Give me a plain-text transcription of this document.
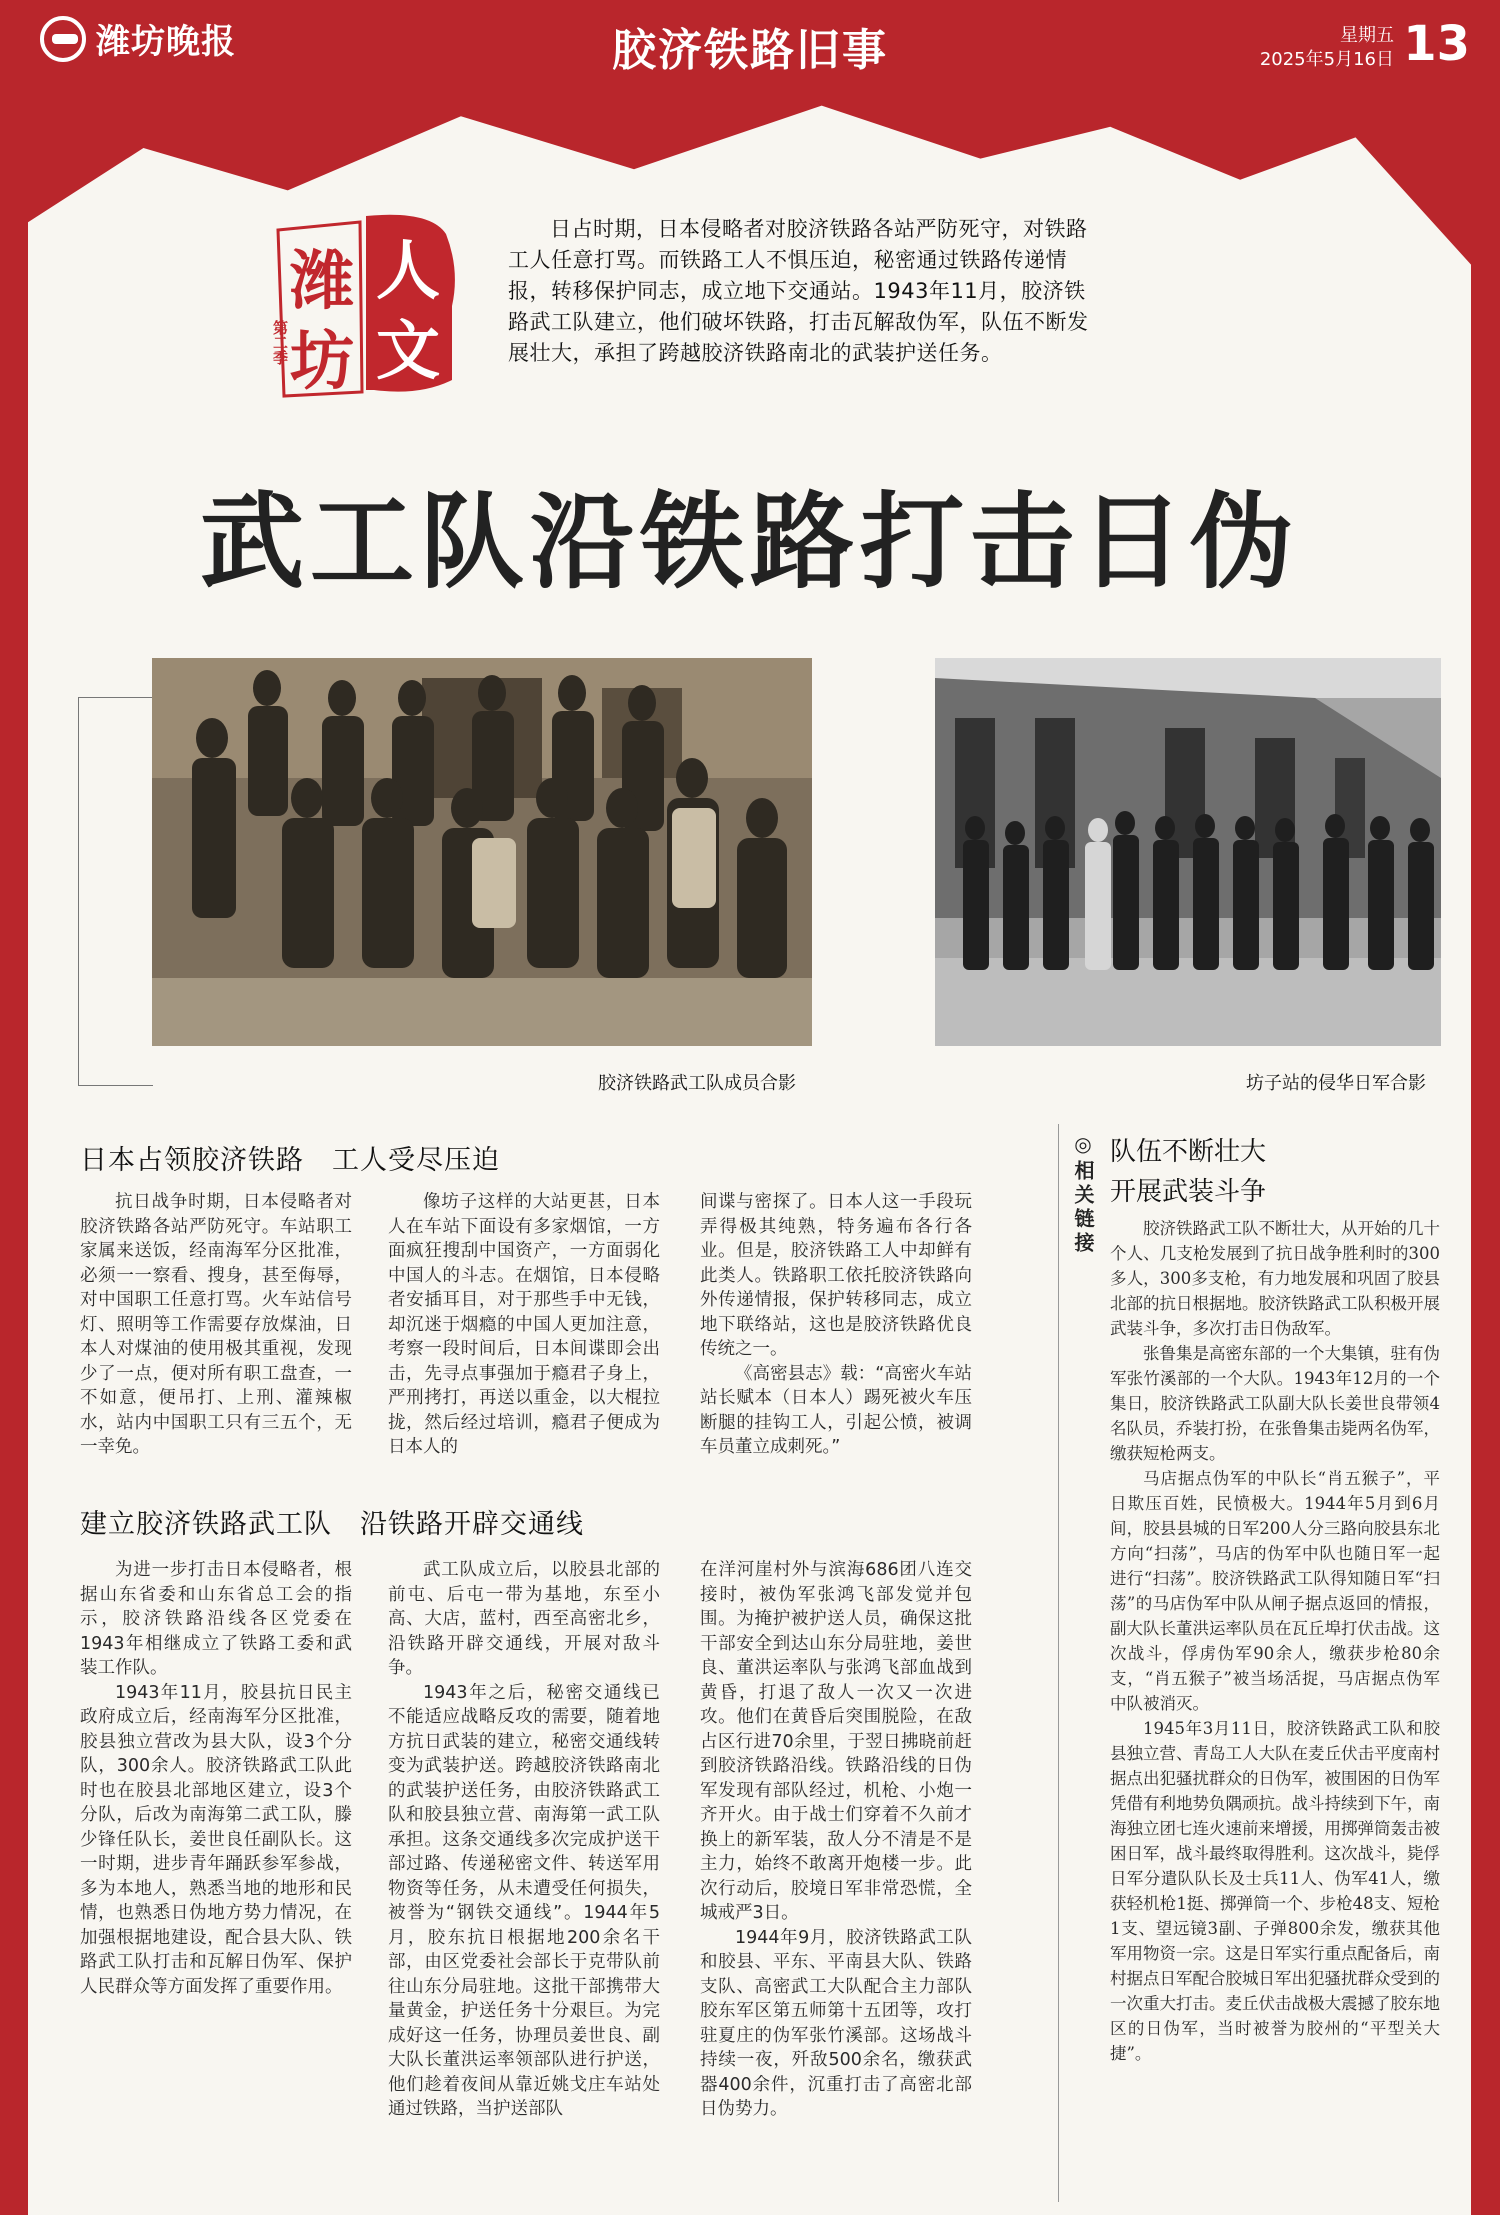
潍坊晚报	胶济铁路旧事	星期五
2025年5月16日 13
潍 人
文
坊
第二季
日占时期，日本侵略者对胶济铁路各站严防死守，对铁路工人任意打骂。而铁路工人不惧压迫，秘密通过铁路传递情报，转移保护同志，成立地下交通站。1943年11月，胶济铁路武工队建立，他们破坏铁路，打击瓦解敌伪军，队伍不断发展壮大，承担了跨越胶济铁路南北的武装护送任务。
武工队沿铁路打击日伪
胶济铁路武工队成员合影	坊子站的侵华日军合影
日本占领胶济铁路　工人受尽压迫

抗日战争时期，日本侵略者对胶济铁路各站严防死守。车站职工家属来送饭，经南海军分区批准，必须一一察看、搜身，甚至侮辱，对中国职工任意打骂。火车站信号灯、照明等工作需要存放煤油，日本人对煤油的使用极其重视，发现少了一点，便对所有职工盘查，一不如意，便吊打、上刑、灌辣椒水，站内中国职工只有三五个，无一幸免。

像坊子这样的大站更甚，日本人在车站下面设有多家烟馆，一方面疯狂搜刮中国资产，一方面弱化中国人的斗志。在烟馆，日本侵略者安插耳目，对于那些手中无钱，却沉迷于烟瘾的中国人更加注意，考察一段时间后，日本间谍即会出击，先寻点事强加于瘾君子身上，严刑拷打，再送以重金，以大棍拉拢，然后经过培训，瘾君子便成为日本人的

间谍与密探了。日本人这一手段玩弄得极其纯熟，特务遍布各行各业。但是，胶济铁路工人中却鲜有此类人。铁路职工依托胶济铁路向外传递情报，保护转移同志，成立地下联络站，这也是胶济铁路优良传统之一。

《高密县志》载：“高密火车站站长赋本（日本人）踢死被火车压断腿的挂钩工人，引起公愤，被调车员董立成刺死。”

建立胶济铁路武工队　沿铁路开辟交通线

为进一步打击日本侵略者，根据山东省委和山东省总工会的指示，胶济铁路沿线各区党委在1943年相继成立了铁路工委和武装工作队。

1943年11月，胶县抗日民主政府成立后，经南海军分区批准，胶县独立营改为县大队，设3个分队，300余人。胶济铁路武工队此时也在胶县北部地区建立，设3个分队，后改为南海第二武工队，滕少锋任队长，姜世良任副队长。这一时期，进步青年踊跃参军参战，多为本地人，熟悉当地的地形和民情，也熟悉日伪地方势力情况，在加强根据地建设，配合县大队、铁路武工队打击和瓦解日伪军、保护人民群众等方面发挥了重要作用。

武工队成立后，以胶县北部的前屯、后屯一带为基地，东至小高、大店，蓝村，西至高密北乡，沿铁路开辟交通线，开展对敌斗争。

1943年之后，秘密交通线已不能适应战略反攻的需要，随着地方抗日武装的建立，秘密交通线转变为武装护送。跨越胶济铁路南北的武装护送任务，由胶济铁路武工队和胶县独立营、南海第一武工队承担。这条交通线多次完成护送干部过路、传递秘密文件、转送军用物资等任务，从未遭受任何损失，被誉为“钢铁交通线”。1944年5月，胶东抗日根据地200余名干部，由区党委社会部长于克带队前往山东分局驻地。这批干部携带大量黄金，护送任务十分艰巨。为完成好这一任务，协理员姜世良、副大队长董洪运率领部队进行护送，他们趁着夜间从靠近姚戈庄车站处通过铁路，当护送部队

在洋河崖村外与滨海686团八连交接时，被伪军张鸿飞部发觉并包围。为掩护被护送人员，确保这批干部安全到达山东分局驻地，姜世良、董洪运率队与张鸿飞部血战到黄昏，打退了敌人一次又一次进攻。他们在黄昏后突围脱险，在敌占区行进70余里，于翌日拂晓前赶到胶济铁路沿线。铁路沿线的日伪军发现有部队经过，机枪、小炮一齐开火。由于战士们穿着不久前才换上的新军装，敌人分不清是不是主力，始终不敢离开炮楼一步。此次行动后，胶境日军非常恐慌，全城戒严3日。

1944年9月，胶济铁路武工队和胶县、平东、平南县大队、铁路支队、高密武工大队配合主力部队胶东军区第五师第十五团等，攻打驻夏庄的伪军张竹溪部。这场战斗持续一夜，歼敌500余名，缴获武器400余件，沉重打击了高密北部日伪势力。

◎相关链接 队伍不断壮大
开展武装斗争

胶济铁路武工队不断壮大，从开始的几十个人、几支枪发展到了抗日战争胜利时的300多人，300多支枪，有力地发展和巩固了胶县北部的抗日根据地。胶济铁路武工队积极开展武装斗争，多次打击日伪敌军。

张鲁集是高密东部的一个大集镇，驻有伪军张竹溪部的一个大队。1943年12月的一个集日，胶济铁路武工队副大队长姜世良带领4名队员，乔装打扮，在张鲁集击毙两名伪军，缴获短枪两支。

马店据点伪军的中队长“肖五猴子”，平日欺压百姓，民愤极大。1944年5月到6月间，胶县县城的日军200人分三路向胶县东北方向“扫荡”，马店的伪军中队也随日军一起进行“扫荡”。胶济铁路武工队得知随日军“扫荡”的马店伪军中队从闸子据点返回的情报，副大队长董洪运率队员在瓦丘埠打伏击战。这次战斗，俘虏伪军90余人，缴获步枪80余支，“肖五猴子”被当场活捉，马店据点伪军中队被消灭。

1945年3月11日，胶济铁路武工队和胶县独立营、青岛工人大队在麦丘伏击平度南村据点出犯骚扰群众的日伪军，被围困的日伪军凭借有利地势负隅顽抗。战斗持续到下午，南海独立团七连火速前来增援，用掷弹筒轰击被困日军，战斗最终取得胜利。这次战斗，毙俘日军分遣队队长及士兵11人、伪军41人，缴获轻机枪1挺、掷弹筒一个、步枪48支、短枪1支、望远镜3副、子弹800余发，缴获其他军用物资一宗。这是日军实行重点配备后，南村据点日军配合胶城日军出犯骚扰群众受到的一次重大打击。麦丘伏击战极大震撼了胶东地区的日伪军，当时被誉为胶州的“平型关大捷”。
